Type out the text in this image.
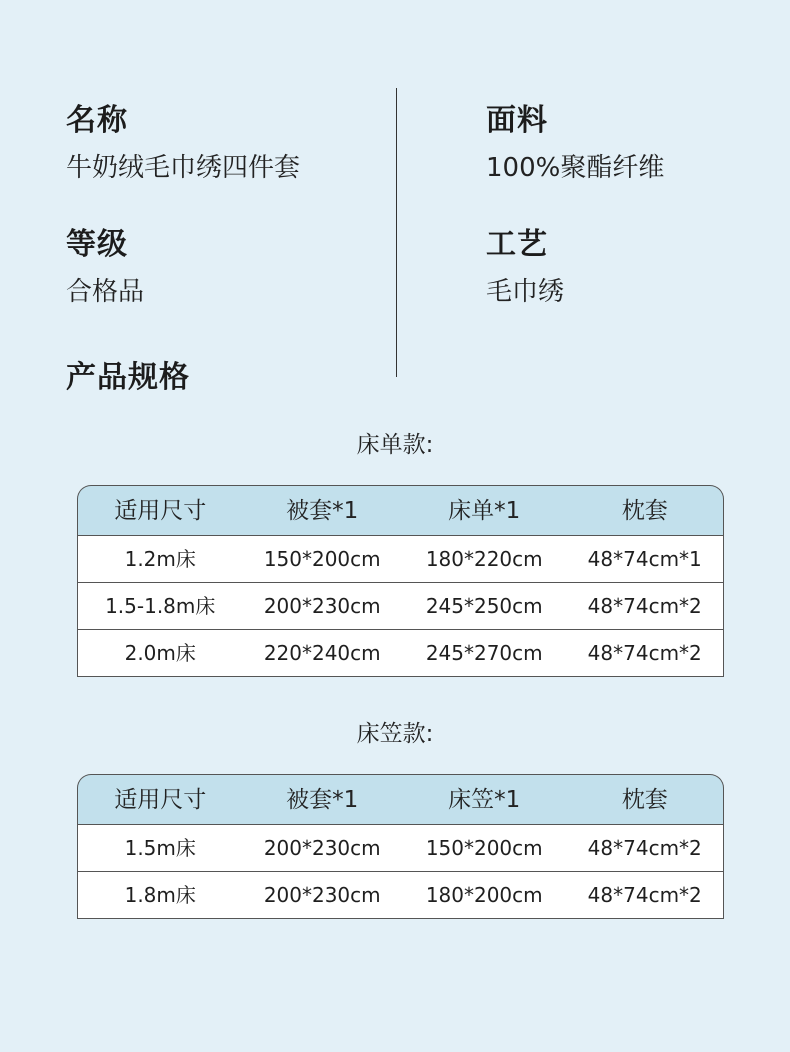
名称
牛奶绒毛巾绣四件套
面料
100%聚酯纤维
等级
合格品
工艺
毛巾绣
产品规格
床单款:
适用尺寸	被套*1	床单*1	枕套
1.2m床	150*200cm	180*220cm	48*74cm*1
1.5-1.8m床	200*230cm	245*250cm	48*74cm*2
2.0m床	220*240cm	245*270cm	48*74cm*2
床笠款:
适用尺寸	被套*1	床笠*1	枕套
1.5m床	200*230cm	150*200cm	48*74cm*2
1.8m床	200*230cm	180*200cm	48*74cm*2
